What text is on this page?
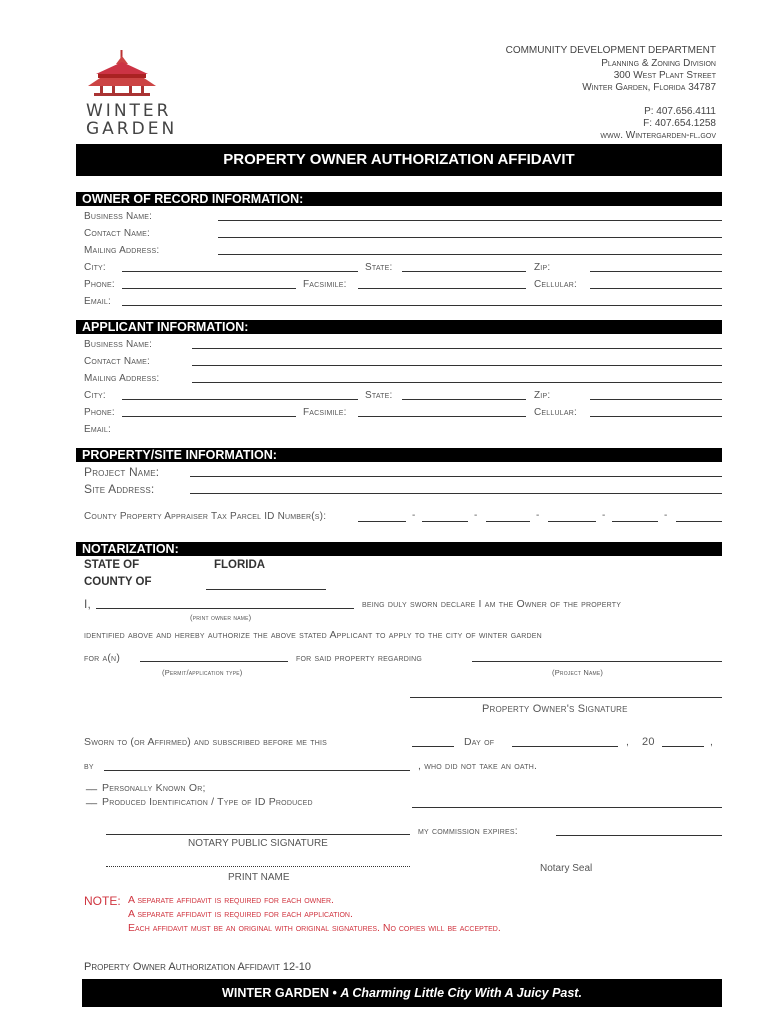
WINTER
GARDEN
COMMUNITY DEVELOPMENT DEPARTMENT
Planning & Zoning Division
300 West Plant Street
Winter Garden, Florida 34787
P: 407.656.4111
F: 407.654.1258
www. Wintergarden-fl.gov
PROPERTY OWNER AUTHORIZATION AFFIDAVIT
OWNER OF RECORD INFORMATION:
Business Name:
Contact Name:
Mailing Address:
City:	State:	Zip:
Phone:	Facsimile:	Cellular:
Email:
APPLICANT INFORMATION:
Business Name:
Contact Name:
Mailing Address:
City:	State:	Zip:
Phone:	Facsimile:	Cellular:
Email:
PROPERTY/SITE INFORMATION:
Project Name:
Site Address:
County Property Appraiser Tax Parcel ID Number(s):	-	-	-	-	-
NOTARIZATION:
STATE OF	FLORIDA
COUNTY OF
I,	being duly sworn declare I am the Owner of the property
(print owner name)
identified above and hereby authorize the above stated Applicant to apply to the city of winter garden
for a(n)	for said property regarding
(Permit/application type)	(Project Name)
Property Owner's Signature
Sworn to (or Affirmed) and subscribed before me this	Day of	, 20	,
by	, who did not take an oath.
__ Personally Known Or;
__ Produced Identification / Type of ID Produced
my commission expires:
NOTARY PUBLIC SIGNATURE
Notary Seal
PRINT NAME
NOTE: A separate affidavit is required for each owner.
A separate affidavit is required for each application.
Each affidavit must be an original with original signatures. No copies will be accepted.
Property Owner Authorization Affidavit 12-10
WINTER GARDEN • A Charming Little City With A Juicy Past.
